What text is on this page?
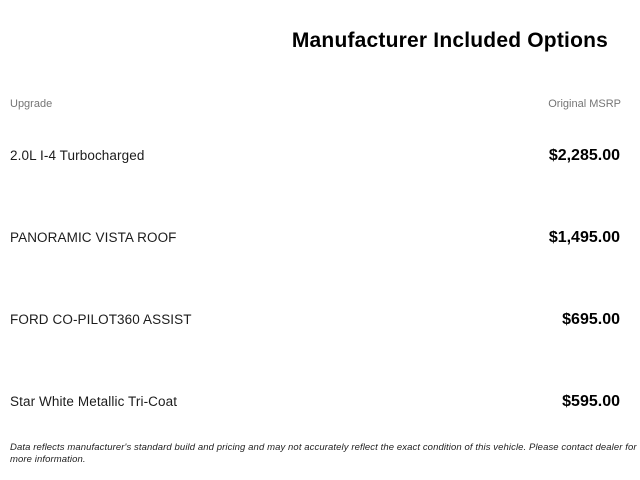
Manufacturer Included Options
Upgrade	Original MSRP
2.0L I-4 Turbocharged	$2,285.00
PANORAMIC VISTA ROOF	$1,495.00
FORD CO-PILOT360 ASSIST	$695.00
Star White Metallic Tri-Coat	$595.00

Data reflects manufacturer's standard build and pricing and may not accurately reflect the exact condition of this vehicle. Please contact dealer for more information.
